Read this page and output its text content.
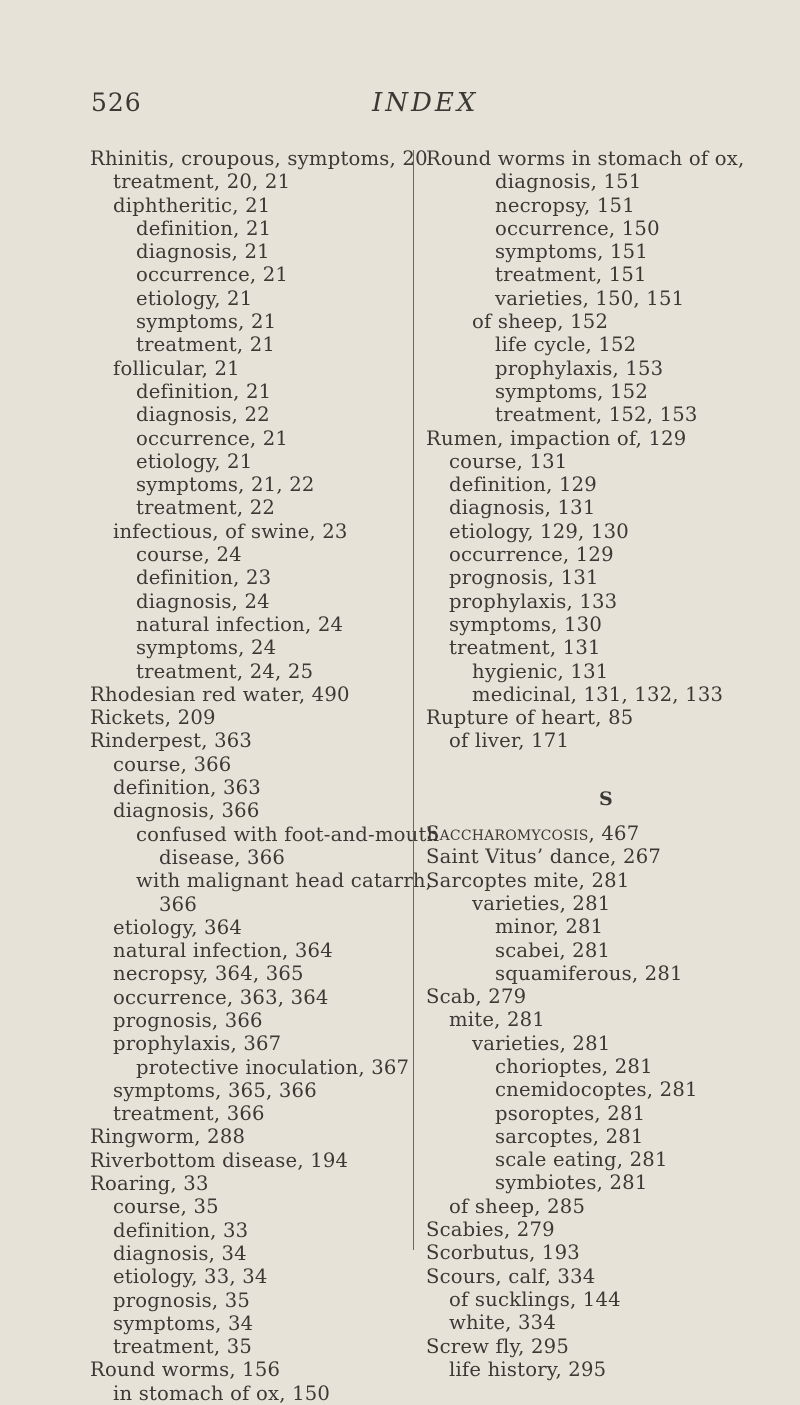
526	INDEX
Rhinitis, croupous, symptoms, 20
treatment, 20, 21
diphtheritic, 21
definition, 21
diagnosis, 21
occurrence, 21
etiology, 21
symptoms, 21
treatment, 21
follicular, 21
definition, 21
diagnosis, 22
occurrence, 21
etiology, 21
symptoms, 21, 22
treatment, 22
infectious, of swine, 23
course, 24
definition, 23
diagnosis, 24
natural infection, 24
symptoms, 24
treatment, 24, 25
Rhodesian red water, 490
Rickets, 209
Rinderpest, 363
course, 366
definition, 363
diagnosis, 366
confused with foot-and-mouth
disease, 366
with malignant head catarrh,
366
etiology, 364
natural infection, 364
necropsy, 364, 365
occurrence, 363, 364
prognosis, 366
prophylaxis, 367
protective inoculation, 367
symptoms, 365, 366
treatment, 366
Ringworm, 288
Riverbottom disease, 194
Roaring, 33
course, 35
definition, 33
diagnosis, 34
etiology, 33, 34
prognosis, 35
symptoms, 34
treatment, 35
Round worms, 156
in stomach of ox, 150
Round worms in stomach of ox,
diagnosis, 151
necropsy, 151
occurrence, 150
symptoms, 151
treatment, 151
varieties, 150, 151
of sheep, 152
life cycle, 152
prophylaxis, 153
symptoms, 152
treatment, 152, 153
Rumen, impaction of, 129
course, 131
definition, 129
diagnosis, 131
etiology, 129, 130
occurrence, 129
prognosis, 131
prophylaxis, 133
symptoms, 130
treatment, 131
hygienic, 131
medicinal, 131, 132, 133
Rupture of heart, 85
of liver, 171
S
Saccharomycosis, 467
Saint Vitus’ dance, 267
Sarcoptes mite, 281
varieties, 281
minor, 281
scabei, 281
squamiferous, 281
Scab, 279
mite, 281
varieties, 281
chorioptes, 281
cnemidocoptes, 281
psoroptes, 281
sarcoptes, 281
scale eating, 281
symbiotes, 281
of sheep, 285
Scabies, 279
Scorbutus, 193
Scours, calf, 334
of sucklings, 144
white, 334
Screw fly, 295
life history, 295
